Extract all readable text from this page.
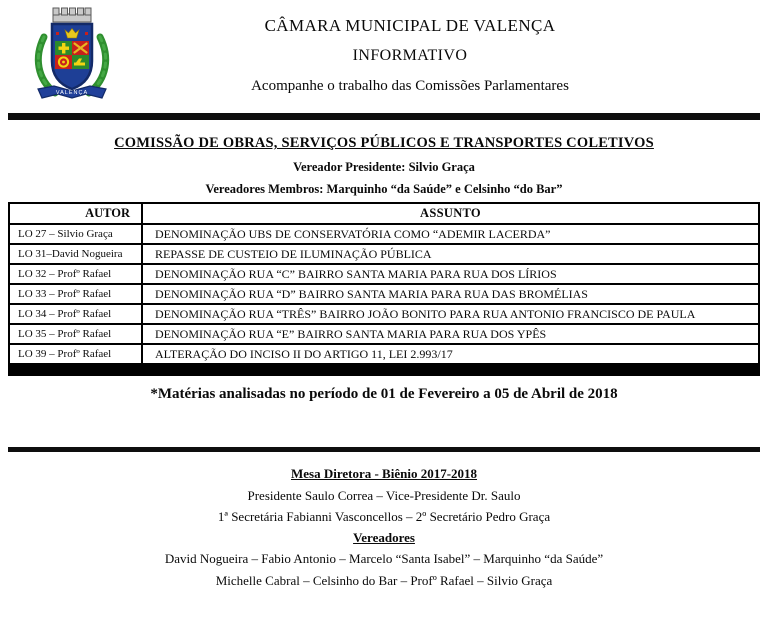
VALENÇA
CÂMARA MUNICIPAL DE VALENÇA
INFORMATIVO
Acompanhe o trabalho das Comissões Parlamentares
COMISSÃO DE OBRAS, SERVIÇOS PÚBLICOS E TRANSPORTES COLETIVOS
Vereador Presidente: Silvio Graça
Vereadores Membros: Marquinho “da Saúde” e Celsinho “do Bar”
AUTOR	ASSUNTO
LO 27 – Silvio Graça	DENOMINAÇÃO UBS DE CONSERVATÓRIA COMO “ADEMIR LACERDA”
LO 31–David Nogueira	REPASSE DE CUSTEIO DE ILUMINAÇÃO PÚBLICA
LO 32 – Profº Rafael	DENOMINAÇÃO RUA “C” BAIRRO SANTA MARIA PARA RUA DOS LÍRIOS
LO 33 – Profº Rafael	DENOMINAÇÃO RUA “D” BAIRRO SANTA MARIA PARA RUA DAS BROMÉLIAS
LO 34 – Profº Rafael	DENOMINAÇÃO RUA “TRÊS” BAIRRO JOÃO BONITO PARA RUA ANTONIO FRANCISCO DE PAULA
LO 35 – Profº Rafael	DENOMINAÇÃO RUA “E” BAIRRO SANTA MARIA PARA RUA DOS YPÊS
LO 39 – Profº Rafael	ALTERAÇÃO DO INCISO II DO ARTIGO 11, LEI 2.993/17
*Matérias analisadas no período de 01 de Fevereiro a 05 de Abril de 2018
Mesa Diretora - Biênio 2017-2018
Presidente Saulo Correa – Vice-Presidente Dr. Saulo
1ª Secretária Fabianni Vasconcellos – 2º Secretário Pedro Graça
Vereadores
David Nogueira – Fabio Antonio – Marcelo “Santa Isabel” – Marquinho “da Saúde”
Michelle Cabral – Celsinho do Bar – Profº Rafael – Silvio Graça
